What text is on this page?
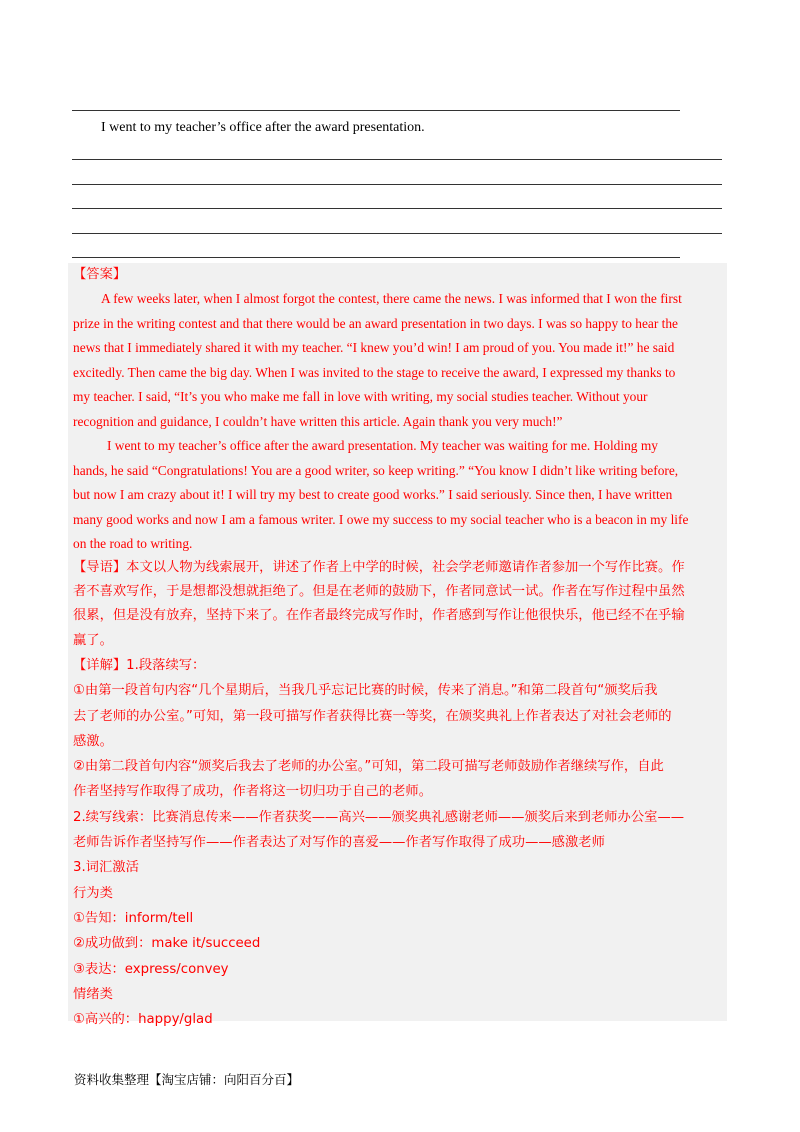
I went to my teacher’s office after the award presentation.
【答案】
A few weeks later, when I almost forgot the contest, there came the news. I was informed that I won the first
prize in the writing contest and that there would be an award presentation in two days. I was so happy to hear the
news that I immediately shared it with my teacher. “I knew you’d win! I am proud of you. You made it!” he said
excitedly. Then came the big day. When I was invited to the stage to receive the award, I expressed my thanks to
my teacher. I said, “It’s you who make me fall in love with writing, my social studies teacher. Without your
recognition and guidance, I couldn’t have written this article. Again thank you very much!”
I went to my teacher’s office after the award presentation. My teacher was waiting for me. Holding my
hands, he said “Congratulations! You are a good writer, so keep writing.” “You know I didn’t like writing before,
but now I am crazy about it! I will try my best to create good works.” I said seriously. Since then, I have written
many good works and now I am a famous writer. I owe my success to my social teacher who is a beacon in my life
on the road to writing.
【导语】本文以人物为线索展开，讲述了作者上中学的时候，社会学老师邀请作者参加一个写作比赛。作
者不喜欢写作，于是想都没想就拒绝了。但是在老师的鼓励下，作者同意试一试。作者在写作过程中虽然
很累，但是没有放弃，坚持下来了。在作者最终完成写作时，作者感到写作让他很快乐，他已经不在乎输
赢了。
【详解】1.段落续写：
①由第一段首句内容“几个星期后，当我几乎忘记比赛的时候，传来了消息。”和第二段首句“颁奖后我
去了老师的办公室。”可知，第一段可描写作者获得比赛一等奖，在颁奖典礼上作者表达了对社会老师的
感激。
②由第二段首句内容“颁奖后我去了老师的办公室。”可知，第二段可描写老师鼓励作者继续写作，自此
作者坚持写作取得了成功，作者将这一切归功于自己的老师。
2.续写线索：比赛消息传来——作者获奖——高兴——颁奖典礼感谢老师——颁奖后来到老师办公室——
老师告诉作者坚持写作——作者表达了对写作的喜爱——作者写作取得了成功——感激老师
3.词汇激活
行为类
①告知：inform/tell
②成功做到：make it/succeed
③表达：express/convey
情绪类
①高兴的：happy/glad
资料收集整理【淘宝店铺：向阳百分百】
